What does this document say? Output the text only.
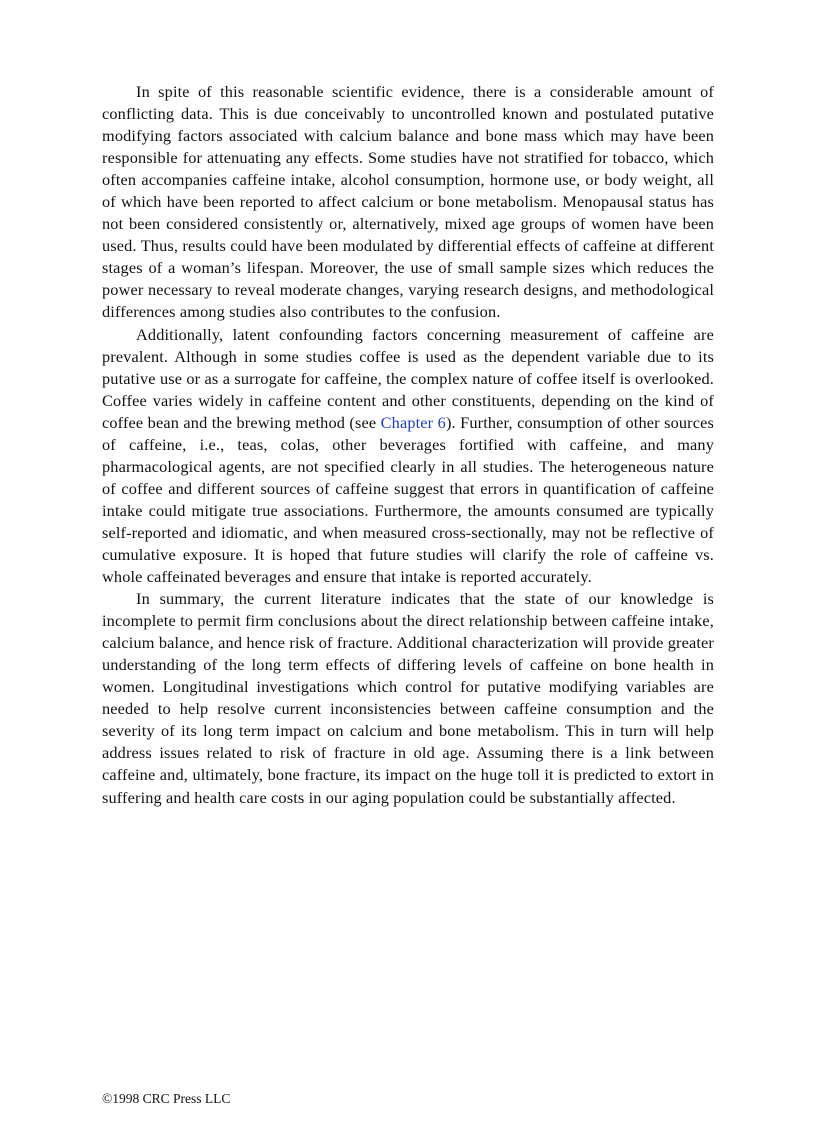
In spite of this reasonable scientific evidence, there is a considerable amount of conflicting data. This is due conceivably to uncontrolled known and postulated putative modifying factors associated with calcium balance and bone mass which may have been responsible for attenuating any effects. Some studies have not stratified for tobacco, which often accompanies caffeine intake, alcohol consumption, hormone use, or body weight, all of which have been reported to affect calcium or bone metabolism. Menopausal status has not been considered consistently or, alternatively, mixed age groups of women have been used. Thus, results could have been modulated by differential effects of caffeine at different stages of a woman’s lifespan. Moreover, the use of small sample sizes which reduces the power necessary to reveal moderate changes, varying research designs, and methodological differences among studies also contributes to the confusion.

Additionally, latent confounding factors concerning measurement of caffeine are prevalent. Although in some studies coffee is used as the dependent variable due to its putative use or as a surrogate for caffeine, the complex nature of coffee itself is overlooked. Coffee varies widely in caffeine content and other constituents, depending on the kind of coffee bean and the brewing method (see Chapter 6). Further, consumption of other sources of caffeine, i.e., teas, colas, other beverages fortified with caffeine, and many pharmacological agents, are not specified clearly in all studies. The heterogeneous nature of coffee and different sources of caffeine suggest that errors in quantification of caffeine intake could mitigate true associations. Furthermore, the amounts consumed are typically self-reported and idiomatic, and when measured cross-sectionally, may not be reflective of cumulative exposure. It is hoped that future studies will clarify the role of caffeine vs. whole caffeinated beverages and ensure that intake is reported accurately.

In summary, the current literature indicates that the state of our knowledge is incomplete to permit firm conclusions about the direct relationship between caffeine intake, calcium balance, and hence risk of fracture. Additional characterization will provide greater understanding of the long term effects of differing levels of caffeine on bone health in women. Longitudinal investigations which control for putative modifying variables are needed to help resolve current inconsistencies between caffeine consumption and the severity of its long term impact on calcium and bone metabolism. This in turn will help address issues related to risk of fracture in old age. Assuming there is a link between caffeine and, ultimately, bone fracture, its impact on the huge toll it is predicted to extort in suffering and health care costs in our aging population could be substantially affected.

©1998 CRC Press LLC
